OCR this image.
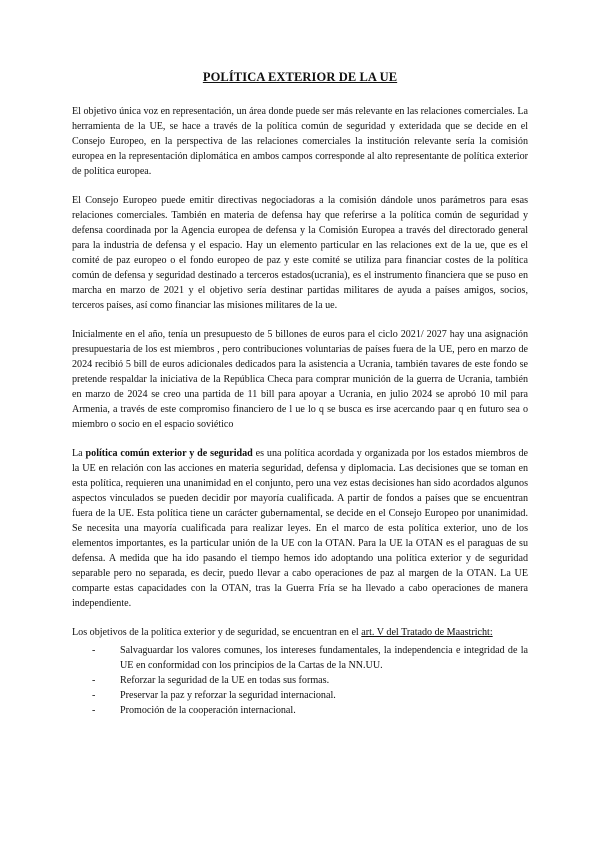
POLÍTICA EXTERIOR DE LA UE

El objetivo única voz en representación, un área donde puede ser más relevante en las relaciones comerciales. La herramienta de la UE, se hace a través de la política común de seguridad y exteridada que se decide en el Consejo Europeo, en la perspectiva de las relaciones comerciales la institución relevante sería la comisión europea en la representación diplomática en ambos campos corresponde al alto representante de política exterior de política europea.

El Consejo Europeo puede emitir directivas negociadoras a la comisión dándole unos parámetros para esas relaciones comerciales. También en materia de defensa hay que referirse a la política común de seguridad y defensa coordinada por la Agencia europea de defensa y la Comisión Europea a través del directorado general para la industria de defensa y el espacio. Hay un elemento particular en las relaciones ext de la ue, que es el comité de paz europeo o el fondo europeo de paz y este comité se utiliza para financiar costes de la política común de defensa y seguridad destinado a terceros estados(ucrania), es el instrumento financiera que se puso en marcha en marzo de 2021 y el objetivo sería destinar partidas militares de ayuda a países amigos, socios, terceros países, así como financiar las misiones militares de la ue.

Inicialmente en el año, tenía un presupuesto de 5 billones de euros para el ciclo 2021/ 2027 hay una asignación presupuestaria de los est miembros , pero contribuciones voluntarias de países fuera de la UE, pero en marzo de 2024 recibió 5 bill de euros adicionales dedicados para la asistencia a Ucrania, también tavares de este fondo se pretende respaldar la iniciativa de la República Checa para comprar munición de la guerra de Ucrania, también en marzo de 2024 se creo una partida de 11 bill para apoyar a Ucrania, en julio 2024 se aprobó 10 mil para Armenia, a través de este compromiso financiero de l ue lo q se busca es irse acercando paar q en futuro sea o miembro o socio en el espacio soviético

La política común exterior y de seguridad es una política acordada y organizada por los estados miembros de la UE en relación con las acciones en materia seguridad, defensa y diplomacia. Las decisiones que se toman en esta política, requieren una unanimidad en el conjunto, pero una vez estas decisiones han sido acordados algunos aspectos vinculados se pueden decidir por mayoría cualificada. A partir de fondos a países que se encuentran fuera de la UE. Esta política tiene un carácter gubernamental, se decide en el Consejo Europeo por unanimidad. Se necesita una mayoría cualificada para realizar leyes. En el marco de esta política exterior, uno de los elementos importantes, es la particular unión de la UE con la OTAN. Para la UE la OTAN es el paraguas de su defensa. A medida que ha ido pasando el tiempo hemos ido adoptando una política exterior y de seguridad separable pero no separada, es decir, puedo llevar a cabo operaciones de paz al margen de la OTAN. La UE comparte estas capacidades con la OTAN, tras la Guerra Fría se ha llevado a cabo operaciones de manera independiente.

Los objetivos de la política exterior y de seguridad, se encuentran en el art. V del Tratado de Maastricht:

- Salvaguardar los valores comunes, los intereses fundamentales, la independencia e integridad de la UE en conformidad con los principios de la Cartas de la NN.UU.
- Reforzar la seguridad de la UE en todas sus formas.
- Preservar la paz y reforzar la seguridad internacional.
- Promoción de la cooperación internacional.
